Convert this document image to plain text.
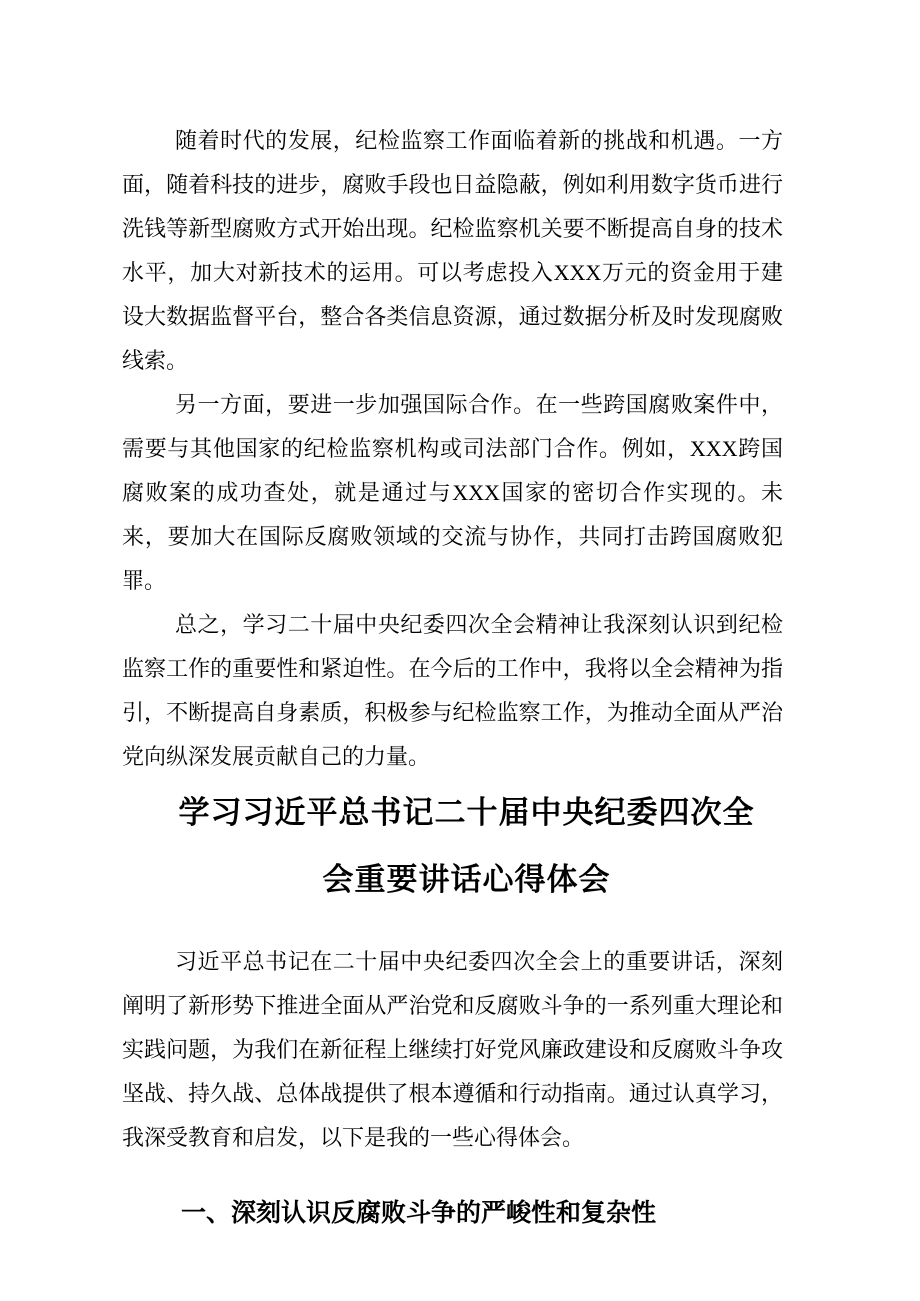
随着时代的发展，纪检监察工作面临着新的挑战和机遇。一方面，随着科技的进步，腐败手段也日益隐蔽，例如利用数字货币进行洗钱等新型腐败方式开始出现。纪检监察机关要不断提高自身的技术水平，加大对新技术的运用。可以考虑投入XXX万元的资金用于建设大数据监督平台，整合各类信息资源，通过数据分析及时发现腐败线索。

另一方面，要进一步加强国际合作。在一些跨国腐败案件中，需要与其他国家的纪检监察机构或司法部门合作。例如，XXX跨国腐败案的成功查处，就是通过与XXX国家的密切合作实现的。未来，要加大在国际反腐败领域的交流与协作，共同打击跨国腐败犯罪。

总之，学习二十届中央纪委四次全会精神让我深刻认识到纪检监察工作的重要性和紧迫性。在今后的工作中，我将以全会精神为指引，不断提高自身素质，积极参与纪检监察工作，为推动全面从严治党向纵深发展贡献自己的力量。

学习习近平总书记二十届中央纪委四次全
会重要讲话心得体会

习近平总书记在二十届中央纪委四次全会上的重要讲话，深刻阐明了新形势下推进全面从严治党和反腐败斗争的一系列重大理论和实践问题，为我们在新征程上继续打好党风廉政建设和反腐败斗争攻坚战、持久战、总体战提供了根本遵循和行动指南。通过认真学习，我深受教育和启发，以下是我的一些心得体会。

一、深刻认识反腐败斗争的严峻性和复杂性
